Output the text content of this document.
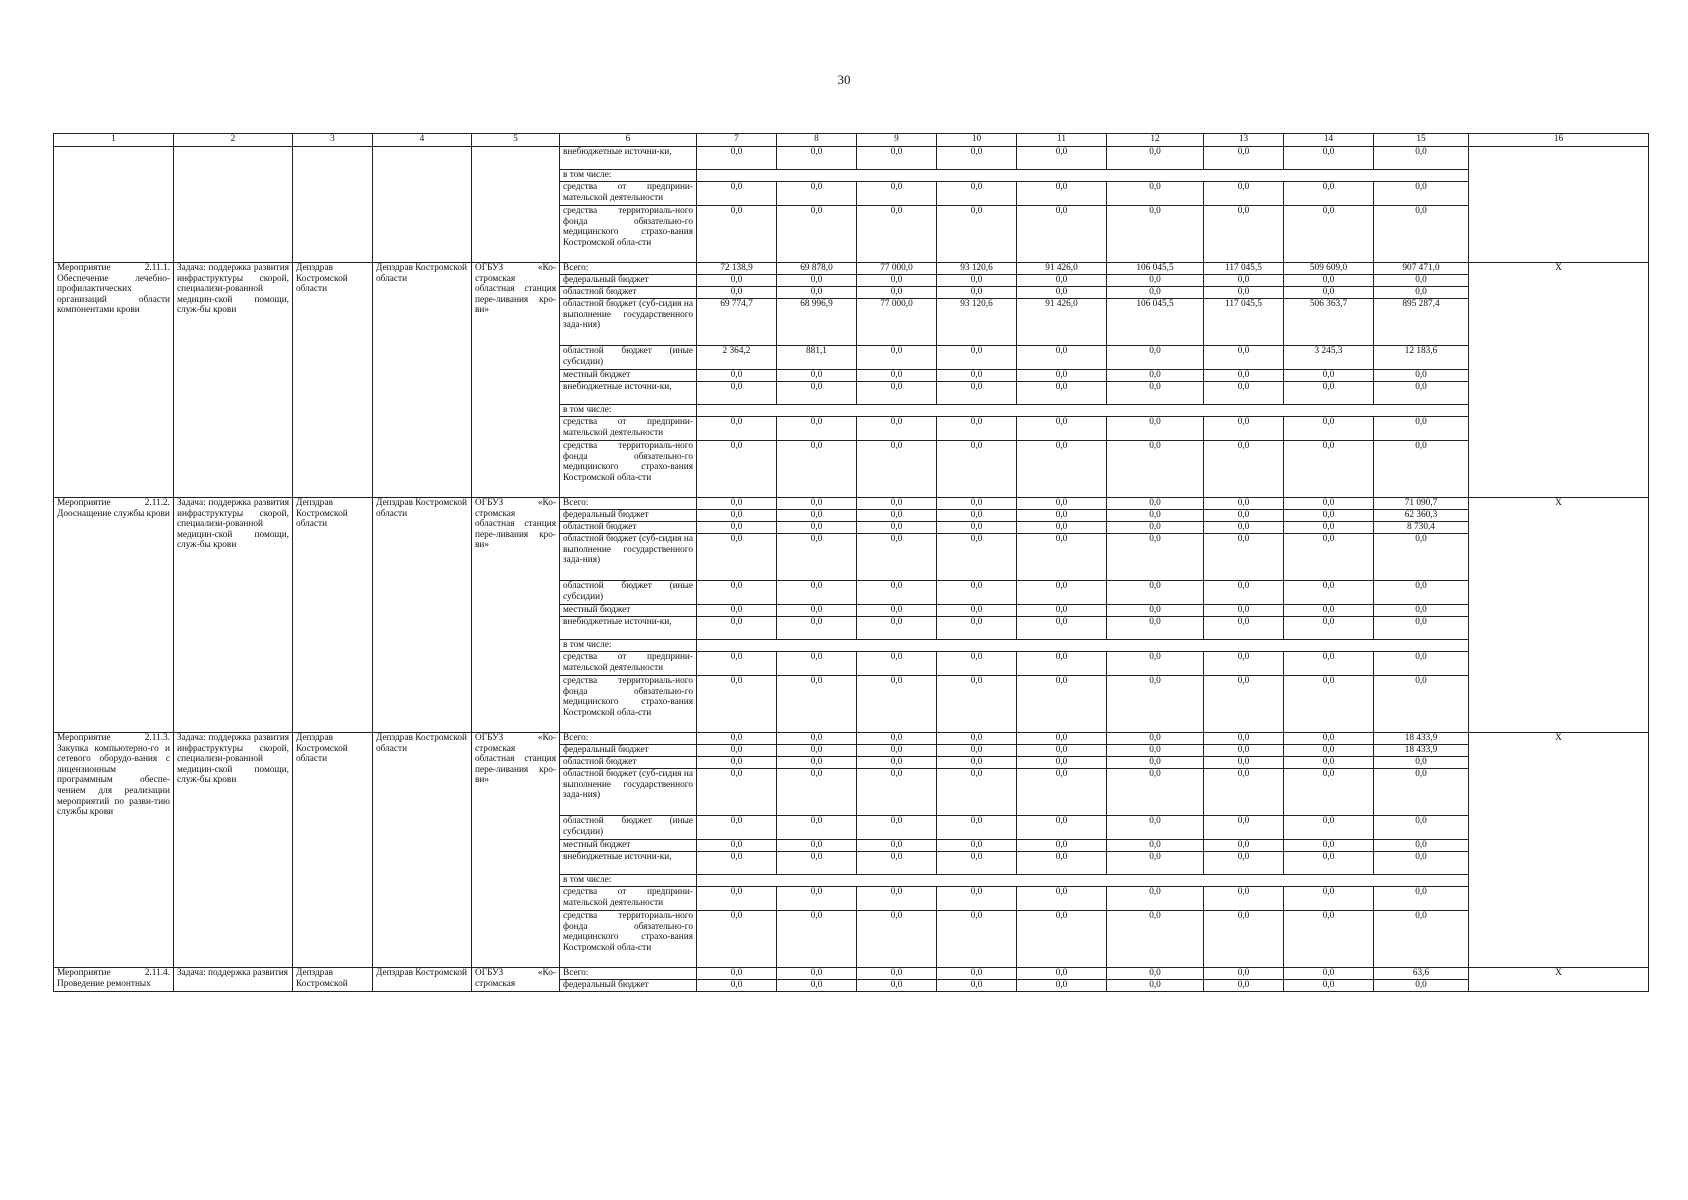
30
1	2	3	4	5	6	7	8	9	10	11	12	13	14	15	16
					внебюджетные источни-ки,	0,0	0,0	0,0	0,0	0,0	0,0	0,0	0,0	0,0	
					в том числе:										
					средства от предприни-мательской деятельности	0,0	0,0	0,0	0,0	0,0	0,0	0,0	0,0	0,0	
					средства территориаль-ного фонда обязательно-го медицинского страхо-вания Костромской обла-сти	0,0	0,0	0,0	0,0	0,0	0,0	0,0	0,0	0,0	
Мероприятие 2.11.1. Обеспечение лечебно-профилактических организаций области компонентами крови	Задача: поддержка развития инфраструктуры скорой, специализи-рованной медицин-ской помощи, служ-бы крови	Депздрав Костромской области	Депздрав Костромской области	ОГБУЗ «Ко-стромская областная станция пере-ливания кро-ви»	Всего:	72 138,9	69 878,0	77 000,0	93 120,6	91 426,0	106 045,5	117 045,5	509 609,0	907 471,0	Х
					федеральный бюджет	0,0	0,0	0,0	0,0	0,0	0,0	0,0	0,0	0,0	
					областной бюджет	0,0	0,0	0,0	0,0	0,0	0,0	0,0	0,0	0,0	
					областной бюджет (суб-сидия на выполнение государственного зада-ния)	69 774,7	68 996,9	77 000,0	93 120,6	91 426,0	106 045,5	117 045,5	506 363,7	895 287,4	
					областной бюджет (иные субсидии)	2 364,2	881,1	0,0	0,0	0,0	0,0	0,0	3 245,3	12 183,6	
					местный бюджет	0,0	0,0	0,0	0,0	0,0	0,0	0,0	0,0	0,0	
					внебюджетные источни-ки,	0,0	0,0	0,0	0,0	0,0	0,0	0,0	0,0	0,0	
					в том числе:										
					средства от предприни-мательской деятельности	0,0	0,0	0,0	0,0	0,0	0,0	0,0	0,0	0,0	
					средства территориаль-ного фонда обязательно-го медицинского страхо-вания Костромской обла-сти	0,0	0,0	0,0	0,0	0,0	0,0	0,0	0,0	0,0	
Мероприятие 2.11.2. Дооснащение службы крови	Задача: поддержка развития инфраструктуры скорой, специализи-рованной медицин-ской помощи, служ-бы крови	Депздрав Костромской области	Депздрав Костромской области	ОГБУЗ «Ко-стромская областная станция пере-ливания кро-ви»	Всего:	0,0	0,0	0,0	0,0	0,0	0,0	0,0	0,0	71 090,7	Х
					федеральный бюджет	0,0	0,0	0,0	0,0	0,0	0,0	0,0	0,0	62 360,3	
					областной бюджет	0,0	0,0	0,0	0,0	0,0	0,0	0,0	0,0	8 730,4	
					областной бюджет (суб-сидия на выполнение государственного зада-ния)	0,0	0,0	0,0	0,0	0,0	0,0	0,0	0,0	0,0	
					областной бюджет (иные субсидии)	0,0	0,0	0,0	0,0	0,0	0,0	0,0	0,0	0,0	
					местный бюджет	0,0	0,0	0,0	0,0	0,0	0,0	0,0	0,0	0,0	
					внебюджетные источни-ки,	0,0	0,0	0,0	0,0	0,0	0,0	0,0	0,0	0,0	
					в том числе:										
					средства от предприни-мательской деятельности	0,0	0,0	0,0	0,0	0,0	0,0	0,0	0,0	0,0	
					средства территориаль-ного фонда обязательно-го медицинского страхо-вания Костромской обла-сти	0,0	0,0	0,0	0,0	0,0	0,0	0,0	0,0	0,0	
Мероприятие 2.11.3. Закупка компьютерно-го и сетевого оборудо-вания с лицензионным программным обеспе-чением для реализации мероприятий по разви-тию службы крови	Задача: поддержка развития инфраструктуры скорой, специализи-рованной медицин-ской помощи, служ-бы крови	Депздрав Костромской области	Депздрав Костромской области	ОГБУЗ «Ко-стромская областная станция пере-ливания кро-ви»	Всего:	0,0	0,0	0,0	0,0	0,0	0,0	0,0	0,0	18 433,9	Х
					федеральный бюджет	0,0	0,0	0,0	0,0	0,0	0,0	0,0	0,0	18 433,9	
					областной бюджет	0,0	0,0	0,0	0,0	0,0	0,0	0,0	0,0	0,0	
					областной бюджет (суб-сидия на выполнение государственного зада-ния)	0,0	0,0	0,0	0,0	0,0	0,0	0,0	0,0	0,0	
					областной бюджет (иные субсидии)	0,0	0,0	0,0	0,0	0,0	0,0	0,0	0,0	0,0	
					местный бюджет	0,0	0,0	0,0	0,0	0,0	0,0	0,0	0,0	0,0	
					внебюджетные источни-ки,	0,0	0,0	0,0	0,0	0,0	0,0	0,0	0,0	0,0	
					в том числе:										
					средства от предприни-мательской деятельности	0,0	0,0	0,0	0,0	0,0	0,0	0,0	0,0	0,0	
					средства территориаль-ного фонда обязательно-го медицинского страхо-вания Костромской обла-сти	0,0	0,0	0,0	0,0	0,0	0,0	0,0	0,0	0,0	
Мероприятие 2.11.4. Проведение ремонтных	Задача: поддержка развития	Депздрав Костромской	Депздрав Костромской	ОГБУЗ «Ко-стромская	Всего:	0,0	0,0	0,0	0,0	0,0	0,0	0,0	0,0	63,6	Х
					федеральный бюджет	0,0	0,0	0,0	0,0	0,0	0,0	0,0	0,0	0,0	
